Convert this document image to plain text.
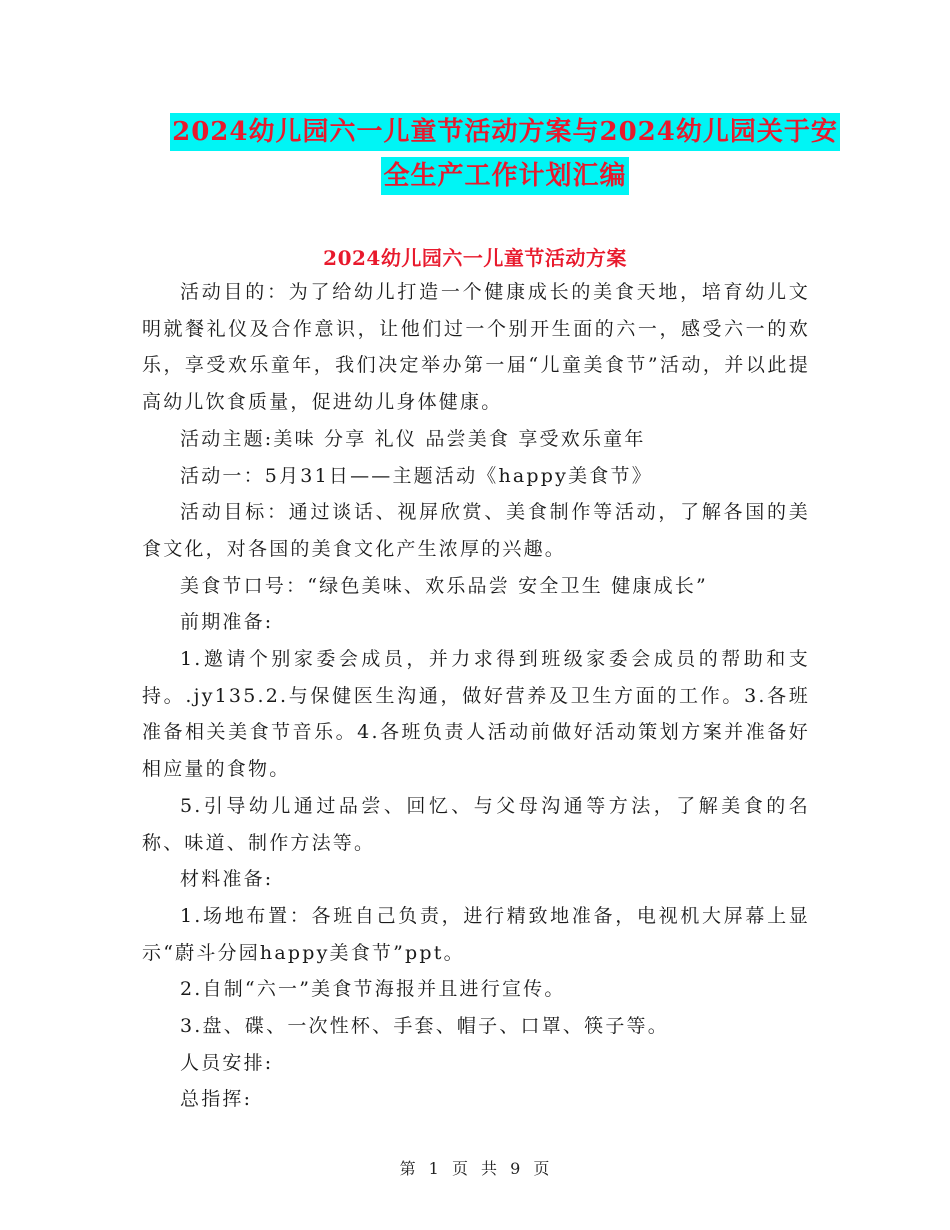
2024幼儿园六一儿童节活动方案与2024幼儿园关于安
全生产工作计划汇编
2024幼儿园六一儿童节活动方案

活动目的：为了给幼儿打造一个健康成长的美食天地，培育幼儿文明就餐礼仪及合作意识，让他们过一个别开生面的六一，感受六一的欢乐，享受欢乐童年，我们决定举办第一届“儿童美食节”活动，并以此提高幼儿饮食质量，促进幼儿身体健康。

活动主题:美味 分享 礼仪 品尝美食 享受欢乐童年

活动一：5月31日——主题活动《happy美食节》

活动目标：通过谈话、视屏欣赏、美食制作等活动，了解各国的美食文化，对各国的美食文化产生浓厚的兴趣。

美食节口号：“绿色美味、欢乐品尝 安全卫生 健康成长”

前期准备:

1.邀请个别家委会成员，并力求得到班级家委会成员的帮助和支持。.jy135.2.与保健医生沟通，做好营养及卫生方面的工作。3.各班准备相关美食节音乐。4.各班负责人活动前做好活动策划方案并准备好相应量的食物。

5.引导幼儿通过品尝、回忆、与父母沟通等方法，了解美食的名称、味道、制作方法等。

材料准备:

1.场地布置：各班自己负责，进行精致地准备，电视机大屏幕上显示“蔚斗分园happy美食节”ppt。

2.自制“六一”美食节海报并且进行宣传。

3.盘、碟、一次性杯、手套、帽子、口罩、筷子等。

人员安排:

总指挥:

第 1 页 共 9 页
